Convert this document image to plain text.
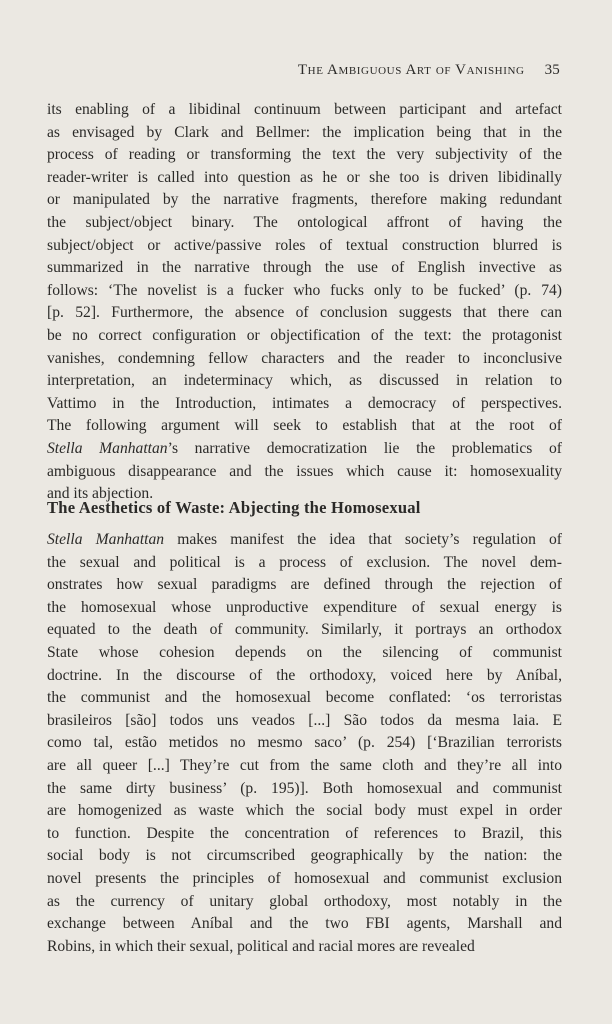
The Ambiguous Art of Vanishing 35
its enabling of a libidinal continuum between participant and artefact
as envisaged by Clark and Bellmer: the implication being that in the
process of reading or transforming the text the very subjectivity of the
reader-writer is called into question as he or she too is driven libidinally
or manipulated by the narrative fragments, therefore making redundant
the subject/object binary. The ontological affront of having the
subject/object or active/passive roles of textual construction blurred is
summarized in the narrative through the use of English invective as
follows: ‘The novelist is a fucker who fucks only to be fucked’ (p. 74)
[p. 52]. Furthermore, the absence of conclusion suggests that there can
be no correct configuration or objectification of the text: the protagonist
vanishes, condemning fellow characters and the reader to inconclusive
interpretation, an indeterminacy which, as discussed in relation to
Vattimo in the Introduction, intimates a democracy of perspectives.
The following argument will seek to establish that at the root of
Stella Manhattan’s narrative democratization lie the problematics of
ambiguous disappearance and the issues which cause it: homosexuality
and its abjection.
The Aesthetics of Waste: Abjecting the Homosexual
Stella Manhattan makes manifest the idea that society’s regulation of
the sexual and political is a process of exclusion. The novel dem-
onstrates how sexual paradigms are defined through the rejection of
the homosexual whose unproductive expenditure of sexual energy is
equated to the death of community. Similarly, it portrays an orthodox
State whose cohesion depends on the silencing of communist
doctrine. In the discourse of the orthodoxy, voiced here by Aníbal,
the communist and the homosexual become conflated: ‘os terroristas
brasileiros [são] todos uns veados [...] São todos da mesma laia. E
como tal, estão metidos no mesmo saco’ (p. 254) [‘Brazilian terrorists
are all queer [...] They’re cut from the same cloth and they’re all into
the same dirty business’ (p. 195)]. Both homosexual and communist
are homogenized as waste which the social body must expel in order
to function. Despite the concentration of references to Brazil, this
social body is not circumscribed geographically by the nation: the
novel presents the principles of homosexual and communist exclusion
as the currency of unitary global orthodoxy, most notably in the
exchange between Aníbal and the two FBI agents, Marshall and
Robins, in which their sexual, political and racial mores are revealed
